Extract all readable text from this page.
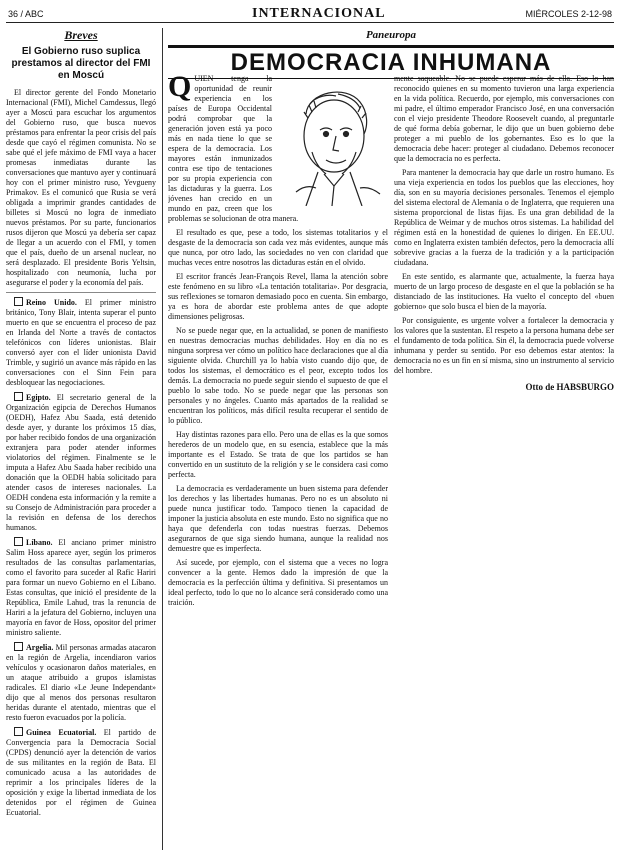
36 / ABC	INTERNACIONAL	MIÉRCOLES 2-12-98
Breves
El Gobierno ruso suplica prestamos al director del FMI en Moscú

El director gerente del Fondo Monetario Internacional (FMI), Michel Camdessus, llegó ayer a Moscú para escuchar los argumentos del Gobierno ruso, que busca nuevos préstamos para enfrentar la peor crisis del país desde que cayó el régimen comunista. No se sabe qué el jefe máximo de FMI vaya a hacer promesas inmediatas durante las conversaciones que mantuvo ayer y continuará hoy con el primer ministro ruso, Yevgueny Primakov. Es el comunicó que Rusia se verá obligada a imprimir grandes cantidades de billetes si Moscú no logra de inmediato nuevos préstamos. Por su parte, funcionarios rusos dijeron que Moscú ya debería ser capaz de llegar a un acuerdo con el FMI, y tomen que el país, dueño de un arsenal nuclear, no será desplazado. El presidente Boris Yeltsin, hospitalizado con neumonía, lucha por asegurarse el poder y la economía del país.

Reino Unido. El primer ministro británico, Tony Blair, intenta superar el punto muerto en que se encuentra el proceso de paz en Irlanda del Norte a través de contactos telefónicos con líderes unionistas. Blair conversó ayer con el líder unionista David Trimble, y sugirió un avance más rápido en las conversaciones con el Sinn Fein para desbloquear las negociaciones.

Egipto. El secretario general de la Organización egipcia de Derechos Humanos (OEDH), Hafez Abu Saada, está detenido desde ayer, y durante los próximos 15 días, por haber recibido fondos de una organización extranjera para poder atender informes violatorios del régimen. Finalmente se le imputa a Hafez Abu Saada haber recibido una donación que la OEDH había solicitado para atender casos de intereses nacionales. La OEDH condena esta información y la remite a su Consejo de Administración para proceder a la revisión en defensa de los derechos humanos.

Líbano. El anciano primer ministro Salim Hoss aparece ayer, según los primeros resultados de las consultas parlamentarias, como el favorito para suceder al Rafic Hariri para formar un nuevo Gobierno en el Líbano. Estas consultas, que inició el presidente de la República, Emile Lahud, tras la renuncia de Hariri a la jefatura del Gobierno, incluyen una mayoría en favor de Hoss, opositor del primer ministro saliente.

Argelia. Mil personas armadas atacaron en la región de Argelia, incendiaron varios vehículos y ocasionaron daños materiales, en un ataque atribuido a grupos islamistas radicales. El diario «Le Jeune Independant» dijo que al menos dos personas resultaron heridas durante el atentado, mientras que el resto fueron evacuados por la policía.

Guinea Ecuatorial. El partido de Convergencia para la Democracia Social (CPDS) denunció ayer la detención de varios de sus militantes en la región de Bata. El comunicado acusa a las autoridades de reprimir a los principales líderes de la oposición y exige la libertad inmediata de los detenidos por el régimen de Guinea Ecuatorial.

Paneuropa
DEMOCRACIA INHUMANA

QUIEN tenga la oportunidad de reunir experiencia en los países de Europa Occidental podrá comprobar que la generación joven está ya poco más en nada tiene lo que se espera de la democracia. Los mayores están inmunizados contra ese tipo de tentaciones por su propia experiencia con las dictaduras y la guerra. Los jóvenes han crecido en un mundo en paz, creen que los problemas se solucionan de otra manera.

El resultado es que, pese a todo, los sistemas totalitarios y el desgaste de la democracia son cada vez más evidentes, aunque más que nunca, por otro lado, las sociedades no ven con claridad que muchas veces entre nosotros las dictaduras están en el olvido.

El escritor francés Jean-François Revel, llama la atención sobre este fenómeno en su libro «La tentación totalitaria». Por desgracia, sus reflexiones se tornaron demasiado poco en cuenta. Sin embargo, ya es hora de abordar este problema antes de que adopte dimensiones peligrosas.

No se puede negar que, en la actualidad, se ponen de manifiesto en nuestras democracias muchas debilidades. Hoy en día no es ninguna sorpresa ver cómo un político hace declaraciones que al día siguiente olvida. Churchill ya lo había visto cuando dijo que, de todos los sistemas, el democrático es el peor, excepto todos los demás. La democracia no puede seguir siendo el supuesto de que el pueblo lo sabe todo. No se puede negar que las personas son personales y no ángeles. Cuanto más apartados de la realidad se encuentran los políticos, más difícil resulta recuperar el sentido de lo público.

Hay distintas razones para ello. Pero una de ellas es la que somos herederos de un modelo que, en su esencia, establece que la más importante es el Estado. Se trata de que los partidos se han convertido en un sustituto de la religión y se le considera casi como perfecta.

La democracia es verdaderamente un buen sistema para defender los derechos y las libertades humanas. Pero no es un absoluto ni puede nunca justificar todo. Tampoco tienen la capacidad de imponer la justicia absoluta en este mundo. Esto no significa que no haya que defenderla con todas nuestras fuerzas. Debemos asegurarnos de que siga siendo humana, aunque la realidad nos demuestre que es imperfecta.

Así sucede, por ejemplo, con el sistema que a veces no logra convencer a la gente. Hemos dado la impresión de que la democracia es la perfección última y definitiva. Si presentamos un ideal perfecto, todo lo que no lo alcance será considerado como una traición.

mente saqueable. No se puede esperar más de ella. Eso lo han reconocido quienes en su momento tuvieron una larga experiencia en la vida política. Recuerdo, por ejemplo, mis conversaciones con mi padre, el último emperador Francisco José, en una conversación con el viejo presidente Theodore Roosevelt cuando, al preguntarle de qué forma debía gobernar, le dijo que un buen gobierno debe proteger a mi pueblo de los gobernantes. Eso es lo que la democracia debe hacer: proteger al ciudadano. Debemos reconocer que la democracia no es perfecta.

Para mantener la democracia hay que darle un rostro humano. Es una vieja experiencia en todos los pueblos que las elecciones, hoy día, son en su mayoría decisiones personales. Tenemos el ejemplo del sistema electoral de Alemania o de Inglaterra, que requieren una sistema proporcional de listas fijas. Es una gran debilidad de la República de Weimar y de muchos otros sistemas. La habilidad del régimen está en la honestidad de quienes lo dirigen. En EE.UU. como en Inglaterra existen también defectos, pero la democracia allí sobrevive gracias a la fuerza de la tradición y a la participación ciudadana.

En este sentido, es alarmante que, actualmente, la fuerza haya muerto de un largo proceso de desgaste en el que la población se ha distanciado de las instituciones. Ha vuelto el concepto del «buen gobierno» que solo busca el bien de la mayoría.

Por consiguiente, es urgente volver a fortalecer la democracia y los valores que la sustentan. El respeto a la persona humana debe ser el fundamento de toda política. Sin él, la democracia puede volverse inhumana y perder su sentido. Por eso debemos estar atentos: la democracia no es un fin en sí misma, sino un instrumento al servicio del hombre.

Otto de HABSBURGO
